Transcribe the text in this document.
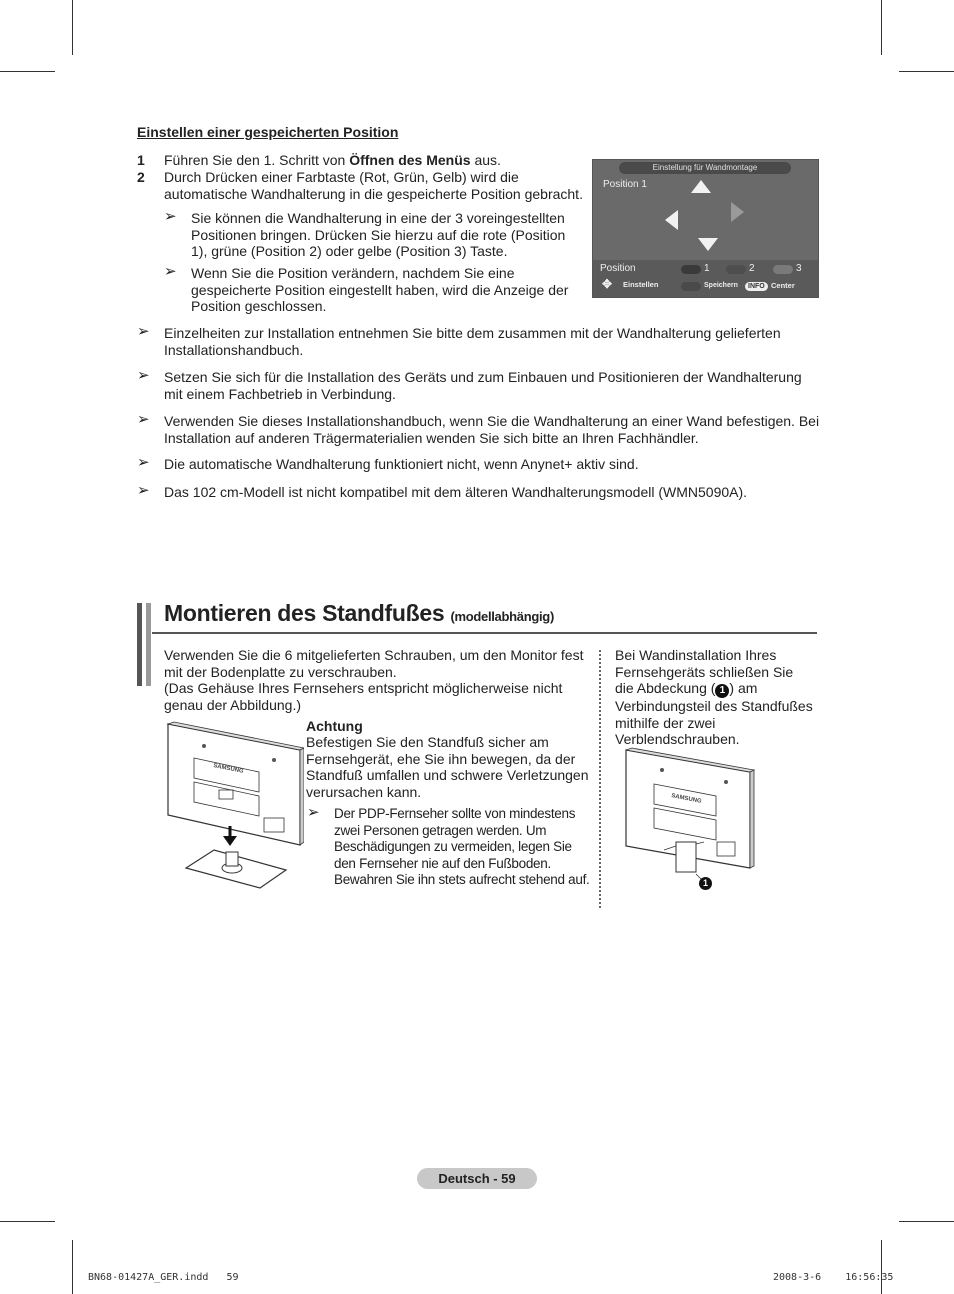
Einstellen einer gespeicherten Position
1 Führen Sie den 1. Schritt von Öffnen des Menüs aus.
2 Durch Drücken einer Farbtaste (Rot, Grün, Gelb) wird die automatische Wandhalterung in die gespeicherte Position gebracht.
➢ Sie können die Wandhalterung in eine der 3 voreingestellten Positionen bringen. Drücken Sie hierzu auf die rote (Position 1), grüne (Position 2) oder gelbe (Position 3) Taste.
➢ Wenn Sie die Position verändern, nachdem Sie eine gespeicherte Position eingestellt haben, wird die Anzeige der Position geschlossen.
Einstellung für Wandmontage
Position 1
Position	1	2	3
✥ Einstellen	Speichern	INFO Center
➢ Einzelheiten zur Installation entnehmen Sie bitte dem zusammen mit der Wandhalterung gelieferten Installationshandbuch.
➢ Setzen Sie sich für die Installation des Geräts und zum Einbauen und Positionieren der Wandhalterung mit einem Fachbetrieb in Verbindung.
➢ Verwenden Sie dieses Installationshandbuch, wenn Sie die Wandhalterung an einer Wand befestigen. Bei Installation auf anderen Trägermaterialien wenden Sie sich bitte an Ihren Fachhändler.
➢ Die automatische Wandhalterung funktioniert nicht, wenn Anynet+ aktiv sind.
➢ Das 102 cm-Modell ist nicht kompatibel mit dem älteren Wandhalterungsmodell (WMN5090A).
Montieren des Standfußes (modellabhängig)
Verwenden Sie die 6 mitgelieferten Schrauben, um den Monitor fest mit der Bodenplatte zu verschrauben.
(Das Gehäuse Ihres Fernsehers entspricht möglicherweise nicht genau der Abbildung.)
SAMSUNG
Achtung
Befestigen Sie den Standfuß sicher am Fernsehgerät, ehe Sie ihn bewegen, da der Standfuß umfallen und schwere Verletzungen verursachen kann.
➢ Der PDP-Fernseher sollte von mindestens zwei Personen getragen werden. Um Beschädigungen zu vermeiden, legen Sie den Fernseher nie auf den Fußboden. Bewahren Sie ihn stets aufrecht stehend auf.
Bei Wandinstallation Ihres Fernsehgeräts schließen Sie die Abdeckung ( 1 ) am Verbindungsteil des Standfußes mithilfe der zwei Verblendschrauben.
SAMSUNG
1
Deutsch - 59
BN68-01427A_GER.indd   59	2008-3-6    16:56:35
